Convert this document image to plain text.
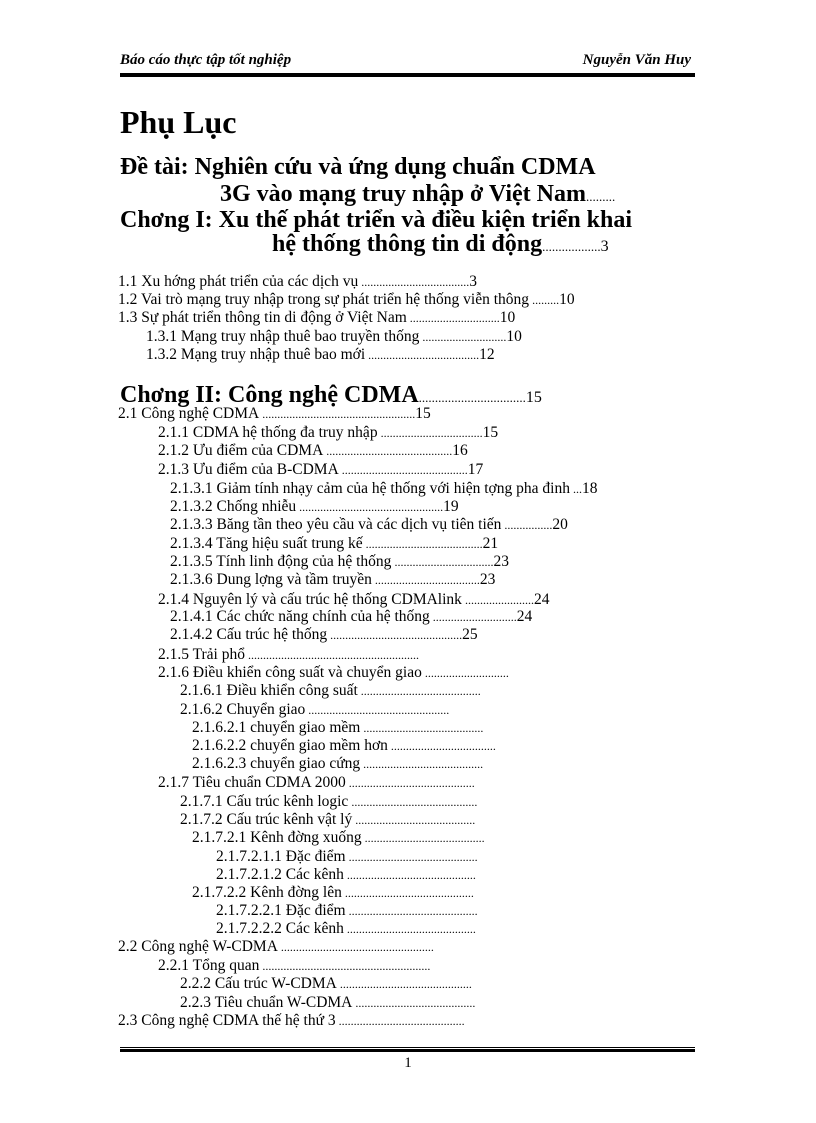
Báo cáo thực tập tốt nghiệp	Nguyễn Văn Huy
Phụ Lục
Đề tài: Nghiên cứu và ứng dụng chuẩn CDMA
3G vào mạng truy nhập ở Việt Nam.........
Chơng I: Xu thế phát triển và điều kiện triển khai
hệ thống thông tin di động..................3
Chơng II: Công nghệ CDMA.................................15
1.1 Xu hớng phát triển của các dịch vụ ....................................3
1.2 Vai trò mạng truy nhập trong sự phát triển hệ thống viễn thông .........10
1.3 Sự phát triển thông tin di động ở Việt Nam ..............................10
1.3.1 Mạng truy nhập thuê bao truyền thống ............................10
1.3.2 Mạng truy nhập thuê bao mới .....................................12
2.1 Công nghệ CDMA ...................................................15
2.1.1 CDMA hệ thống đa truy nhập ..................................15
2.1.2 Ưu điểm của CDMA ..........................................16
2.1.3 Ưu điểm của B-CDMA ..........................................17
2.1.3.1 Giảm tính nhạy cảm của hệ thống với hiện tợng pha đinh ...18
2.1.3.2 Chống nhiễu ................................................19
2.1.3.3 Băng tần theo yêu cầu và các dịch vụ tiên tiến ................20
2.1.3.4 Tăng hiệu suất trung kế .......................................21
2.1.3.5 Tính linh động của hệ thống .................................23
2.1.3.6 Dung lợng và tầm truyền ...................................23
2.1.4 Nguyên lý và cấu trúc hệ thống CDMAlink .......................24
2.1.4.1 Các chức năng chính của hệ thống ............................24
2.1.4.2 Cấu trúc hệ thống ............................................25
2.1.5 Trải phổ .........................................................
2.1.6 Điều khiển công suất và chuyển giao ............................
2.1.6.1 Điều khiển công suất ........................................
2.1.6.2 Chuyển giao ...............................................
2.1.6.2.1 chuyển giao mềm ........................................
2.1.6.2.2 chuyển giao mềm hơn ...................................
2.1.6.2.3 chuyển giao cứng ........................................
2.1.7 Tiêu chuẩn CDMA 2000 ..........................................
2.1.7.1 Cấu trúc kênh logic ..........................................
2.1.7.2 Cấu trúc kênh vật lý ........................................
2.1.7.2.1 Kênh đờng xuống ........................................
2.1.7.2.1.1 Đặc điểm ...........................................
2.1.7.2.1.2 Các kênh ...........................................
2.1.7.2.2 Kênh đờng lên ...........................................
2.1.7.2.2.1 Đặc điểm ...........................................
2.1.7.2.2.2 Các kênh ...........................................
2.2 Công nghệ W-CDMA ...................................................
2.2.1 Tổng quan ........................................................
2.2.2 Cấu trúc W-CDMA ............................................
2.2.3 Tiêu chuẩn W-CDMA ........................................
2.3 Công nghệ CDMA thế hệ thứ 3 ..........................................
1
